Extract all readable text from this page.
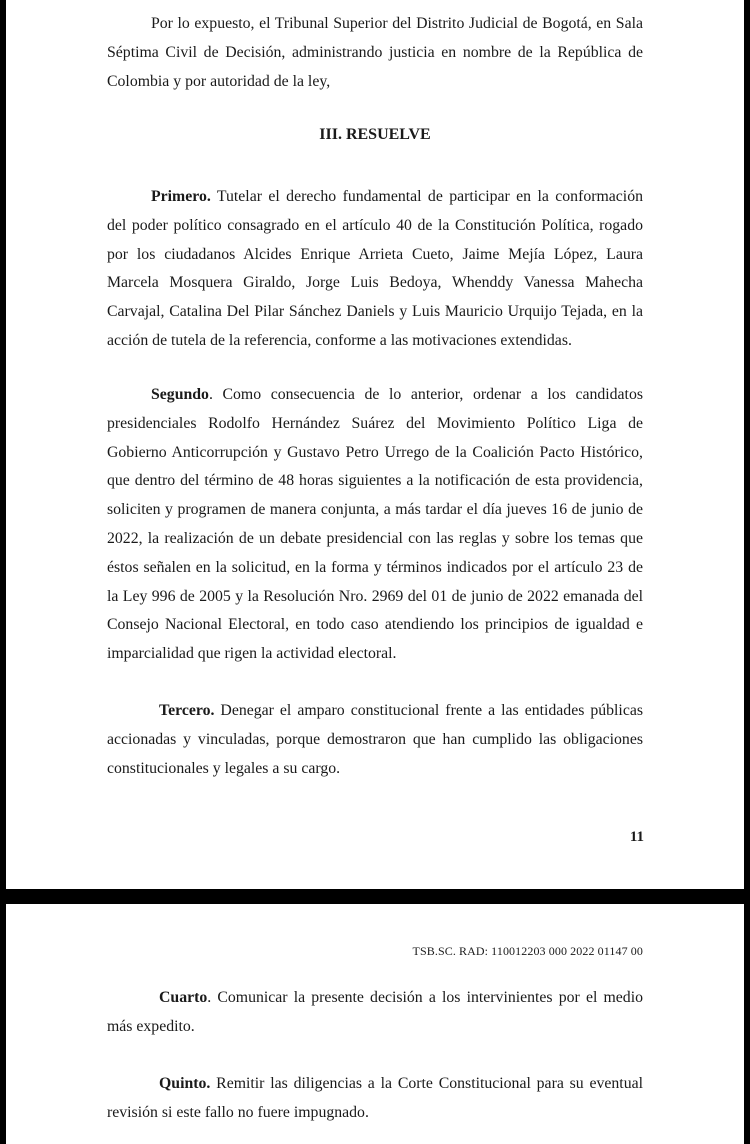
Por lo expuesto, el Tribunal Superior del Distrito Judicial de Bogotá, en Sala Séptima Civil de Decisión, administrando justicia en nombre de la República de Colombia y por autoridad de la ley,

III. RESUELVE

Primero. Tutelar el derecho fundamental de participar en la conformación del poder político consagrado en el artículo 40 de la Constitución Política, rogado por los ciudadanos Alcides Enrique Arrieta Cueto, Jaime Mejía López, Laura Marcela Mosquera Giraldo, Jorge Luis Bedoya, Whenddy Vanessa Mahecha Carvajal, Catalina Del Pilar Sánchez Daniels y Luis Mauricio Urquijo Tejada, en la acción de tutela de la referencia, conforme a las motivaciones extendidas.

Segundo. Como consecuencia de lo anterior, ordenar a los candidatos presidenciales Rodolfo Hernández Suárez del Movimiento Político Liga de Gobierno Anticorrupción y Gustavo Petro Urrego de la Coalición Pacto Histórico, que dentro del término de 48 horas siguientes a la notificación de esta providencia, soliciten y programen de manera conjunta, a más tardar el día jueves 16 de junio de 2022, la realización de un debate presidencial con las reglas y sobre los temas que éstos señalen en la solicitud, en la forma y términos indicados por el artículo 23 de la Ley 996 de 2005 y la Resolución Nro. 2969 del 01 de junio de 2022 emanada del Consejo Nacional Electoral, en todo caso atendiendo los principios de igualdad e imparcialidad que rigen la actividad electoral.

Tercero. Denegar el amparo constitucional frente a las entidades públicas accionadas y vinculadas, porque demostraron que han cumplido las obligaciones constitucionales y legales a su cargo.

11
TSB.SC. RAD: 110012203 000 2022 01147 00

Cuarto. Comunicar la presente decisión a los intervinientes por el medio más expedito.

Quinto. Remitir las diligencias a la Corte Constitucional para su eventual revisión si este fallo no fuere impugnado.
